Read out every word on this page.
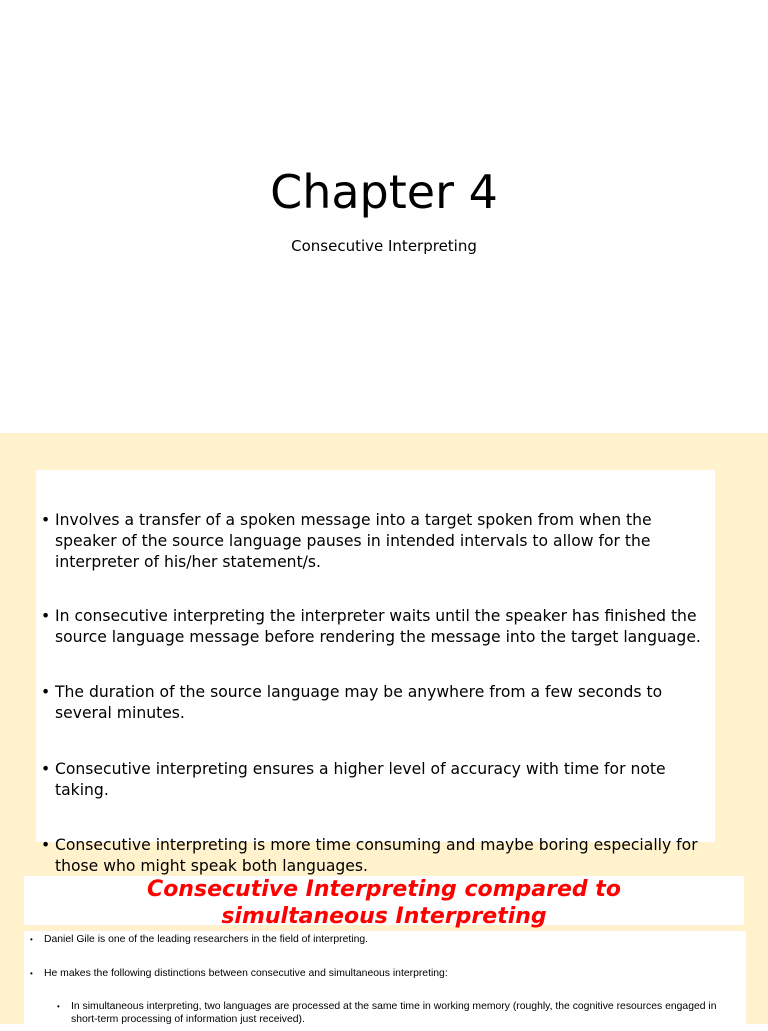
Chapter 4
Consecutive Interpreting
• Involves a transfer of a spoken message into a target spoken from when the speaker of the source language pauses in intended intervals to allow for the interpreter of his/her statement/s.
• In consecutive interpreting the interpreter waits until the speaker has finished the source language message before rendering the message into the target language.
• The duration of the source language may be anywhere from a few seconds to several minutes.
• Consecutive interpreting ensures a higher level of accuracy with time for note taking.
• Consecutive interpreting is more time consuming and maybe boring especially for those who might speak both languages.
Consecutive Interpreting compared to
simultaneous Interpreting
• Daniel Gile is one of the leading researchers in the field of interpreting.
• He makes the following distinctions between consecutive and simultaneous interpreting:
• In simultaneous interpreting, two languages are processed at the same time in working memory (roughly, the cognitive resources engaged in short-term processing of information just received).
